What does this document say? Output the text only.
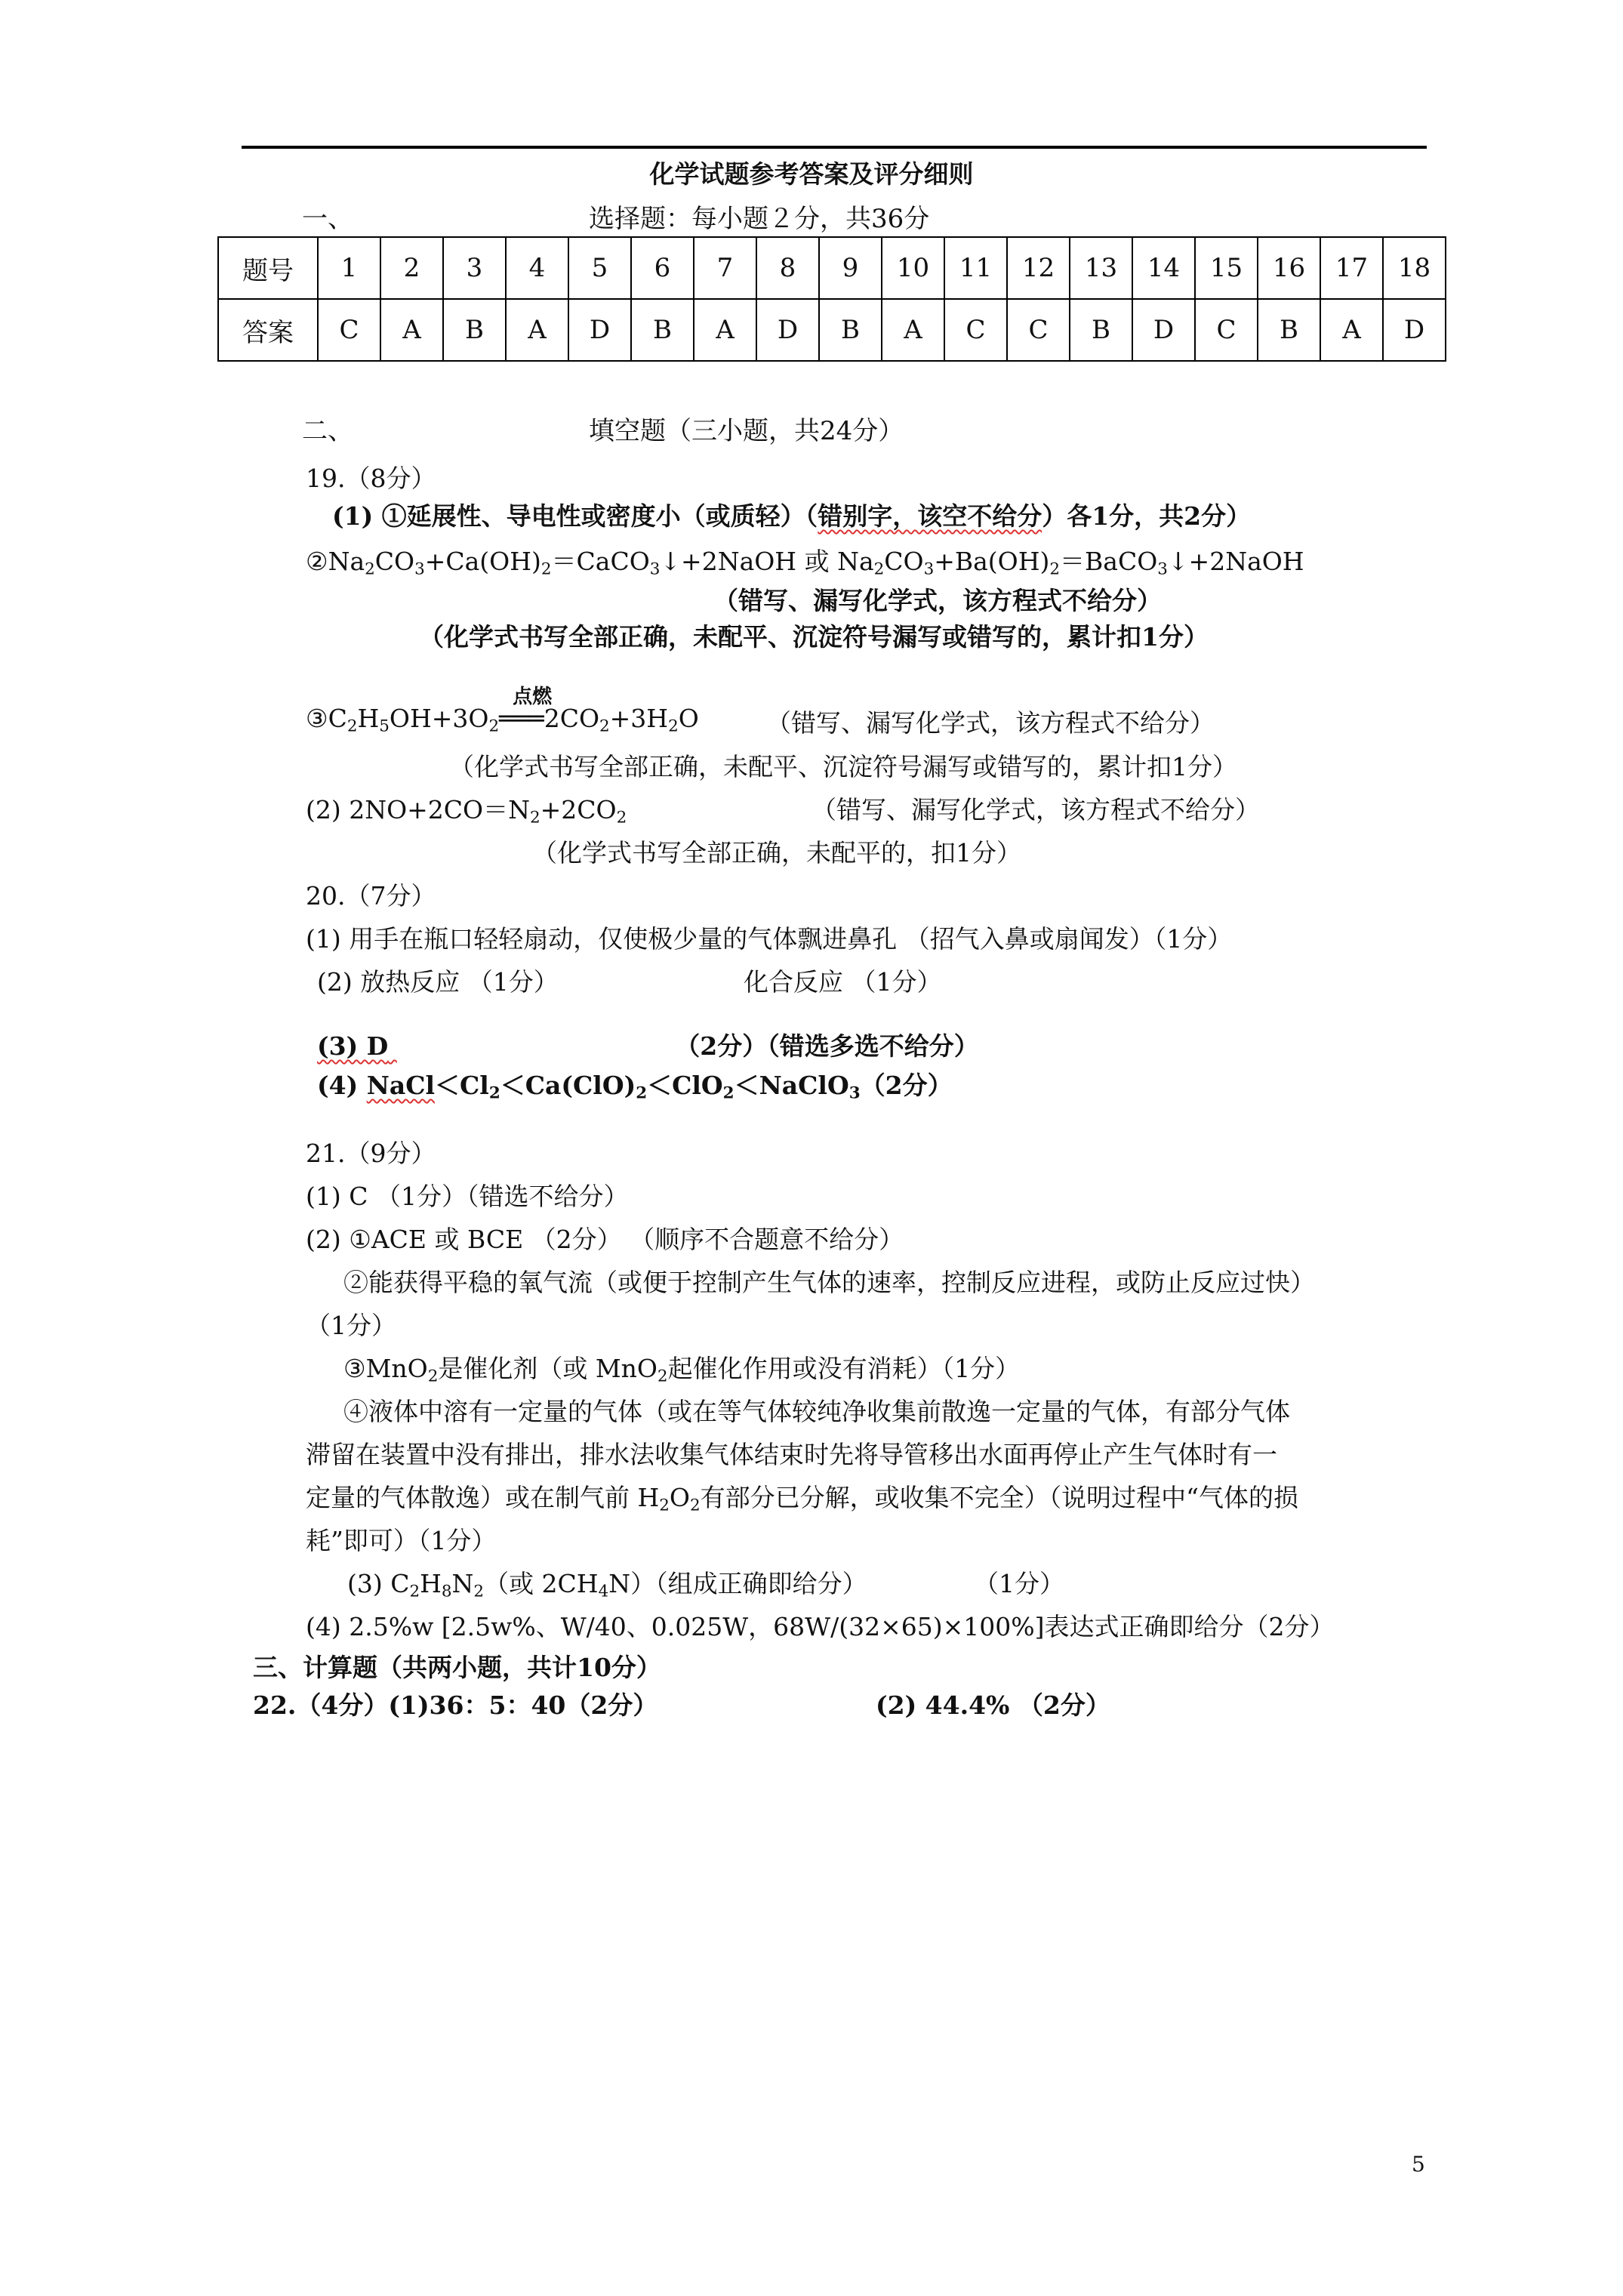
化学试题参考答案及评分细则
一、	选择题：每小题２分，共36分
题号	1	2	3	4	5	6	7	8	9	10	11	12	13	14	15	16	17	18
答案	C	A	B	A	D	B	A	D	B	A	C	C	B	D	C	B	A	D
二、	填空题（三小题，共24分）
19.（8分）
(1) ①延展性、导电性或密度小（或质轻）（错别字，该空不给分）各1分，共2分）
$②Na_2CO_3+Ca(OH)_2=CaCO_3↓+2NaOH$ 或 $Na_2CO_3+Ba(OH)_2=BaCO_3↓+2NaOH$
（错写、漏写化学式，该方程式不给分）
（化学式书写全部正确，未配平、沉淀符号漏写或错写的，累计扣1分）
$③C_2H_5OH+3O_2$
点燃
$═══2CO_2+3H_2O$	（错写、漏写化学式，该方程式不给分）
（化学式书写全部正确，未配平、沉淀符号漏写或错写的，累计扣1分）
(2) $2NO+2CO=N_2+2CO_2$	（错写、漏写化学式，该方程式不给分）
（化学式书写全部正确，未配平的，扣1分）
20.（7分）
(1) 用手在瓶口轻轻扇动，仅使极少量的气体飘进鼻孔 （招气入鼻或扇闻发）（1分）
(2) 放热反应 （1分）	化合反应 （1分）
(3) D	（2分）（错选多选不给分）
(4) $NaCl<Cl_2<Ca(ClO)_2<ClO_2<NaClO_3(2$分）
21.（9分）
(1) C （1分）（错选不给分）
(2) ①ACE 或 BCE （2分） （顺序不合题意不给分）
②能获得平稳的氧气流（或便于控制产生气体的速率，控制反应进程，或防止反应过快）
（1分）
③MnO$_2$是催化剂（或 MnO$_2$起催化作用或没有消耗）（1分）
④液体中溶有一定量的气体（或在等气体较纯净收集前散逸一定量的气体，有部分气体
滞留在装置中没有排出，排水法收集气体结束时先将导管移出水面再停止产生气体时有一
定量的气体散逸）或在制气前 $H_2O_2$有部分已分解，或收集不完全）（说明过程中“气体的损
耗”即可）（1分）
(3) $C_2H_8N_2$（或 $2CH_4N$）（组成正确即给分）	（1分）
(4) 2.5%w [2.5w%、W/40、0.025W，68W/(32×65)×100%]表达式正确即给分（2分）
三、计算题（共两小题，共计10分）
22.（4分）(1)36：5：40（2分）	(2) 44.4% （2分）
5
